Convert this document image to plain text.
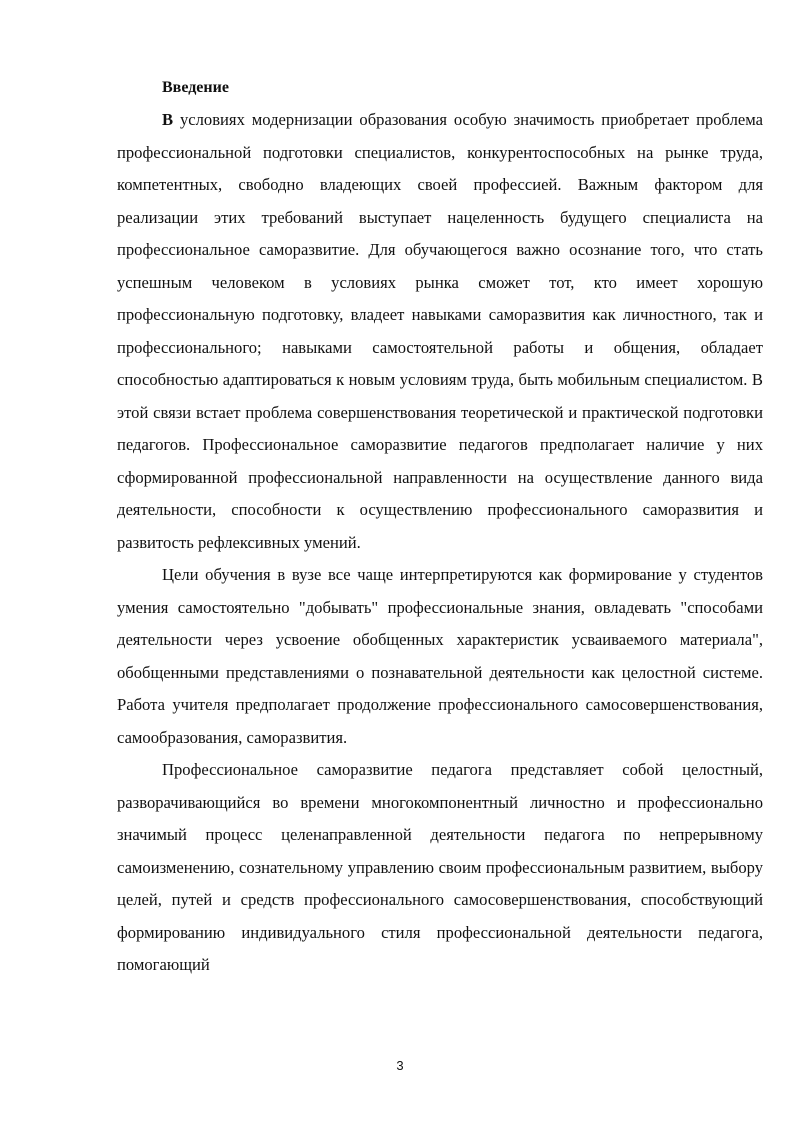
Введение

В условиях модернизации образования особую значимость приобретает проблема профессиональной подготовки специалистов, конкурентоспособных на рынке труда, компетентных, свободно владеющих своей профессией. Важным фактором для реализации этих требований выступает нацеленность будущего специалиста на профессиональное саморазвитие. Для обучающегося важно осознание того, что стать успешным человеком в условиях рынка сможет тот, кто имеет хорошую профессиональную подготовку, владеет навыками саморазвития как личностного, так и профессионального; навыками самостоятельной работы и общения, обладает способностью адаптироваться к новым условиям труда, быть мобильным специалистом. В этой связи встает проблема совершенствования теоретической и практической подготовки педагогов. Профессиональное саморазвитие педагогов предполагает наличие у них сформированной профессиональной направленности на осуществление данного вида деятельности, способности к осуществлению профессионального саморазвития и развитость рефлексивных умений.

Цели обучения в вузе все чаще интерпретируются как формирование у студентов умения самостоятельно "добывать" профессиональные знания, овладевать "способами деятельности через усвоение обобщенных характеристик усваиваемого материала", обобщенными представлениями о познавательной деятельности как целостной системе. Работа учителя предполагает продолжение профессионального самосовершенствования, самообразования, саморазвития.

Профессиональное саморазвитие педагога представляет собой целостный, разворачивающийся во времени многокомпонентный личностно и профессионально значимый процесс целенаправленной деятельности педагога по непрерывному самоизменению, сознательному управлению своим профессиональным развитием, выбору целей, путей и средств профессионального самосовершенствования, способствующий формированию индивидуального стиля профессиональной деятельности педагога, помогающий

3
